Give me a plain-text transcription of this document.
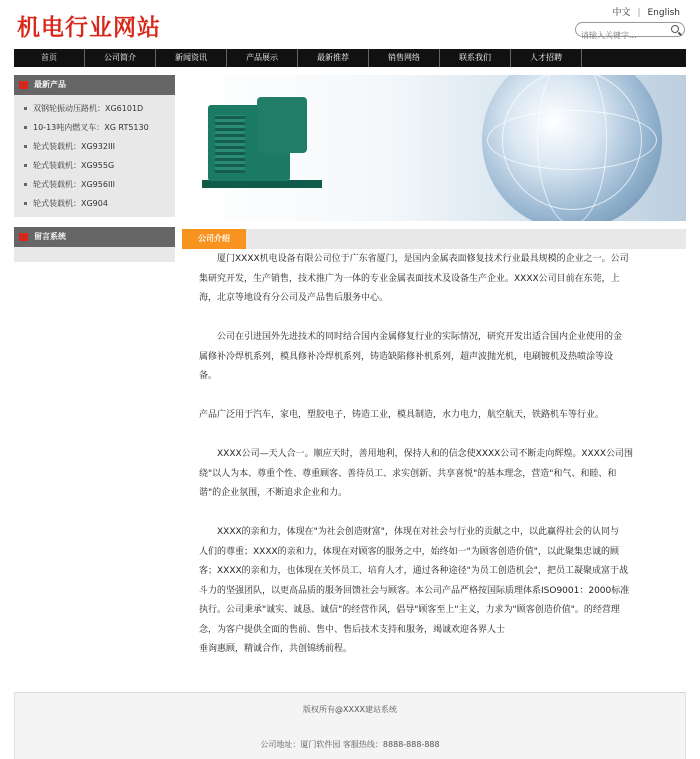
机电行业网站
中文 | English
请输入关键字...
首页	公司简介	新闻资讯	产品展示	最新推荐	销售网络	联系我们	人才招聘
最新产品
双钢轮振动压路机：XG6101D
10-13吨内燃叉车：XG RT5130
轮式装载机：XG932III
轮式装载机：XG955G
轮式装载机：XG956III
轮式装载机：XG904
留言系统	公司介绍

　　厦门XXXX机电设备有限公司位于广东省厦门，是国内金属表面修复技术行业最具规模的企业之一。公司
集研究开发，生产销售，技术推广为一体的专业金属表面技术及设备生产企业。XXXX公司目前在东莞，上
海，北京等地设有分公司及产品售后服务中心。

　　公司在引进国外先进技术的同时结合国内金属修复行业的实际情况，研究开发出适合国内企业使用的金
属修补冷焊机系列，模具修补冷焊机系列，铸造缺陷修补机系列，超声波抛光机，电刷镀机及热喷涂等设
备。

产品广泛用于汽车，家电，塑胶电子，铸造工业，模具制造，水力电力，航空航天，铁路机车等行业。

　　XXXX公司—天人合一。顺应天时，善用地利，保持人和的信念使XXXX公司不断走向辉煌。XXXX公司围
绕"以人为本、尊重个性、尊重顾客、善待员工、求实创新、共享喜悦"的基本理念，营造"和气、和睦、和
谐"的企业氛围，不断追求企业和力。

　　XXXX的亲和力，体现在"为社会创造财富"，体现在对社会与行业的贡献之中，以此赢得社会的认同与
人们的尊重；XXXX的亲和力，体现在对顾客的服务之中，始终如一"为顾客创造价值"，以此聚集忠诚的顾
客；XXXX的亲和力，也体现在关怀员工、培育人才，通过各种途径"为员工创造机会"，把员工凝聚成富于战
斗力的坚强团队，以更高品质的服务回馈社会与顾客。本公司产品严格按国际质理体系ISO9001：2000标准
执行。公司秉承"诚实、诚恳、诚信"的经营作风，倡导"顾客至上"主义，力求为"顾客创造价值"。的经营理
念，为客户提供全面的售前、售中、售后技术支持和服务，竭诚欢迎各界人士
垂询惠顾，精诚合作，共创锦绣前程。

版权所有@XXXX建站系统
公司地址：厦门软件园 客服热线：8888-888-888
